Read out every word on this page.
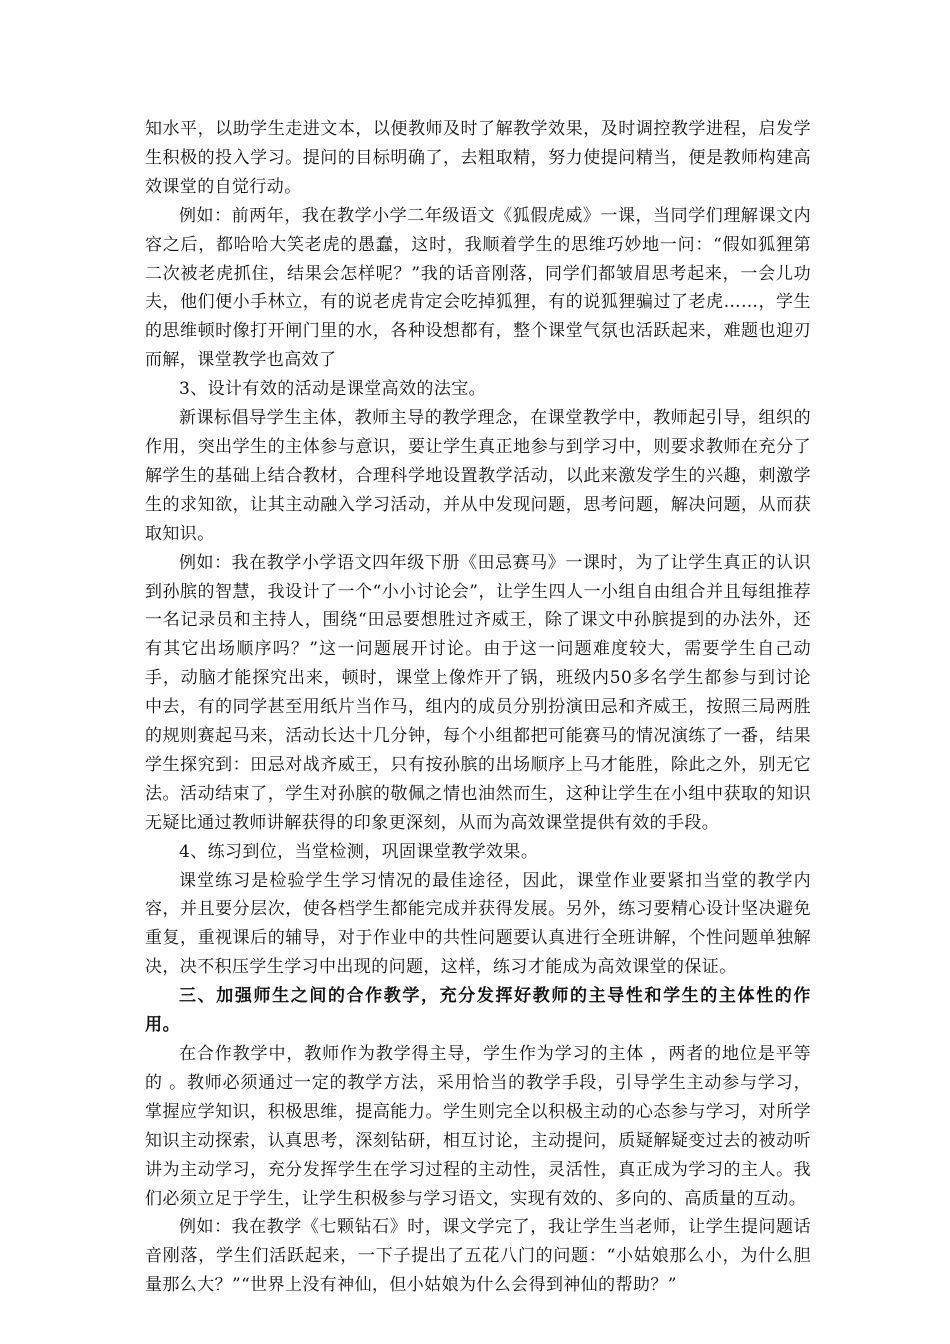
知水平，以助学生走进文本，以便教师及时了解教学效果，及时调控教学进程，启发学生积极的投入学习。提问的目标明确了，去粗取精，努力使提问精当，便是教师构建高效课堂的自觉行动。

例如：前两年，我在教学小学二年级语文《狐假虎威》一课，当同学们理解课文内容之后，都哈哈大笑老虎的愚蠢，这时，我顺着学生的思维巧妙地一问：“假如狐狸第二次被老虎抓住，结果会怎样呢？”我的话音刚落，同学们都皱眉思考起来，一会儿功夫，他们便小手林立，有的说老虎肯定会吃掉狐狸，有的说狐狸骗过了老虎……，学生的思维顿时像打开闸门里的水，各种设想都有，整个课堂气氛也活跃起来，难题也迎刃而解，课堂教学也高效了

3、设计有效的活动是课堂高效的法宝。

新课标倡导学生主体，教师主导的教学理念，在课堂教学中，教师起引导，组织的作用，突出学生的主体参与意识，要让学生真正地参与到学习中，则要求教师在充分了解学生的基础上结合教材，合理科学地设置教学活动，以此来激发学生的兴趣，刺激学生的求知欲，让其主动融入学习活动，并从中发现问题，思考问题，解决问题，从而获取知识。

例如：我在教学小学语文四年级下册《田忌赛马》一课时，为了让学生真正的认识到孙膑的智慧，我设计了一个“小小讨论会”，让学生四人一小组自由组合并且每组推荐一名记录员和主持人，围绕“田忌要想胜过齐威王，除了课文中孙膑提到的办法外，还有其它出场顺序吗？”这一问题展开讨论。由于这一问题难度较大，需要学生自己动手，动脑才能探究出来，顿时，课堂上像炸开了锅，班级内50多名学生都参与到讨论中去，有的同学甚至用纸片当作马，组内的成员分别扮演田忌和齐威王，按照三局两胜的规则赛起马来，活动长达十几分钟，每个小组都把可能赛马的情况演练了一番，结果学生探究到：田忌对战齐威王，只有按孙膑的出场顺序上马才能胜，除此之外，别无它法。活动结束了，学生对孙膑的敬佩之情也油然而生，这种让学生在小组中获取的知识无疑比通过教师讲解获得的印象更深刻，从而为高效课堂提供有效的手段。

4、练习到位，当堂检测，巩固课堂教学效果。

课堂练习是检验学生学习情况的最佳途径，因此，课堂作业要紧扣当堂的教学内容，并且要分层次，使各档学生都能完成并获得发展。另外，练习要精心设计坚决避免重复，重视课后的辅导，对于作业中的共性问题要认真进行全班讲解，个性问题单独解决，决不积压学生学习中出现的问题，这样，练习才能成为高效课堂的保证。

三、加强师生之间的合作教学，充分发挥好教师的主导性和学生的主体性的作用。

在合作教学中，教师作为教学得主导，学生作为学习的主体 ，两者的地位是平等的 。教师必须通过一定的教学方法，采用恰当的教学手段，引导学生主动参与学习，掌握应学知识，积极思维，提高能力。学生则完全以积极主动的心态参与学习，对所学知识主动探索，认真思考，深刻钻研，相互讨论，主动提问，质疑解疑变过去的被动听讲为主动学习，充分发挥学生在学习过程的主动性，灵活性，真正成为学习的主人。我们必须立足于学生，让学生积极参与学习语文，实现有效的、多向的、高质量的互动。

例如：我在教学《七颗钻石》时，课文学完了，我让学生当老师，让学生提问题话音刚落，学生们活跃起来，一下子提出了五花八门的问题：“小姑娘那么小，为什么胆量那么大？”“世界上没有神仙，但小姑娘为什么会得到神仙的帮助？”
